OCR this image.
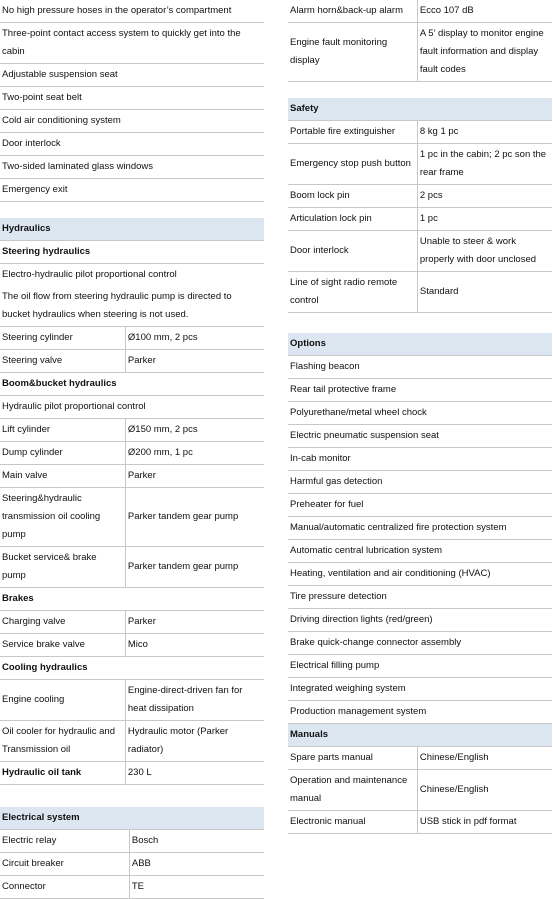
No high pressure hoses in the operator’s compartment
Three-point contact access system to quickly get into the cabin
Adjustable suspension seat
Two-point seat belt
Cold air conditioning system
Door interlock
Two-sided laminated glass windows
Emergency exit
Hydraulics	
Steering hydraulics	
Electro-hydraulic pilot proportional control	
The oil flow from steering hydraulic pump is directed to bucket hydraulics when steering is not used.	
Steering cylinder	Ø100 mm, 2 pcs
Steering valve	Parker
Boom&bucket hydraulics	
Hydraulic pilot proportional control	
Lift cylinder	Ø150 mm, 2 pcs
Dump cylinder	Ø200 mm, 1 pc
Main valve	Parker
Steering&hydraulic transmission oil cooling pump	Parker tandem gear pump
Bucket service& brake pump	Parker tandem gear pump
Brakes	
Charging valve	Parker
Service brake valve	Mico
Cooling hydraulics	
Engine cooling	Engine-direct-driven fan for heat dissipation
Oil cooler for hydraulic and Transmission oil	Hydraulic motor (Parker radiator)
Hydraulic oil tank	230 L
Electrical system	
Electric relay	Bosch
Circuit breaker	ABB
Connector	TE
Alarm horn&back-up alarm	Ecco 107 dB
Engine fault monitoring display	A 5’ display to monitor engine fault information and display fault codes
Safety	
Portable fire extinguisher	8 kg 1 pc
Emergency stop push button	1 pc in the cabin; 2 pc son the rear frame
Boom lock pin	2 pcs
Articulation lock pin	1 pc
Door interlock	Unable to steer & work properly with door unclosed
Line of sight radio remote control	Standard
Options
Flashing beacon
Rear tail protective frame
Polyurethane/metal wheel chock
Electric pneumatic suspension seat
In-cab monitor
Harmful gas detection
Preheater for fuel
Manual/automatic centralized fire protection system
Automatic central lubrication system
Heating, ventilation and air conditioning (HVAC)
Tire pressure detection
Driving direction lights (red/green)
Brake quick-change connector assembly
Electrical filling pump
Integrated weighing system
Production management system
Manuals	
Spare parts manual	Chinese/English
Operation and maintenance manual	Chinese/English
Electronic manual	USB stick in pdf format
